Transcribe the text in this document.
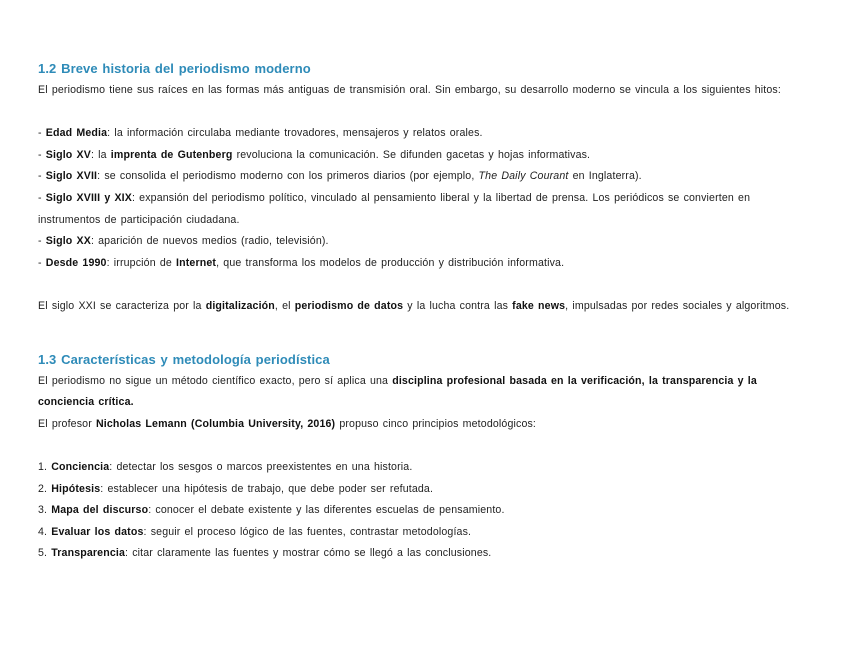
1.2 Breve historia del periodismo moderno

El periodismo tiene sus raíces en las formas más antiguas de transmisión oral. Sin embargo, su desarrollo moderno se vincula a los siguientes hitos:

- Edad Media: la información circulaba mediante trovadores, mensajeros y relatos orales.

- Siglo XV: la imprenta de Gutenberg revoluciona la comunicación. Se difunden gacetas y hojas informativas.

- Siglo XVII: se consolida el periodismo moderno con los primeros diarios (por ejemplo, The Daily Courant en Inglaterra).

- Siglo XVIII y XIX: expansión del periodismo político, vinculado al pensamiento liberal y la libertad de prensa. Los periódicos se convierten en instrumentos de participación ciudadana.

- Siglo XX: aparición de nuevos medios (radio, televisión).

- Desde 1990: irrupción de Internet, que transforma los modelos de producción y distribución informativa.

El siglo XXI se caracteriza por la digitalización, el periodismo de datos y la lucha contra las fake news, impulsadas por redes sociales y algoritmos.

1.3 Características y metodología periodística

El periodismo no sigue un método científico exacto, pero sí aplica una disciplina profesional basada en la verificación, la transparencia y la conciencia crítica.

El profesor Nicholas Lemann (Columbia University, 2016) propuso cinco principios metodológicos:

1. Conciencia: detectar los sesgos o marcos preexistentes en una historia.

2. Hipótesis: establecer una hipótesis de trabajo, que debe poder ser refutada.

3. Mapa del discurso: conocer el debate existente y las diferentes escuelas de pensamiento.

4. Evaluar los datos: seguir el proceso lógico de las fuentes, contrastar metodologías.

5. Transparencia: citar claramente las fuentes y mostrar cómo se llegó a las conclusiones.
